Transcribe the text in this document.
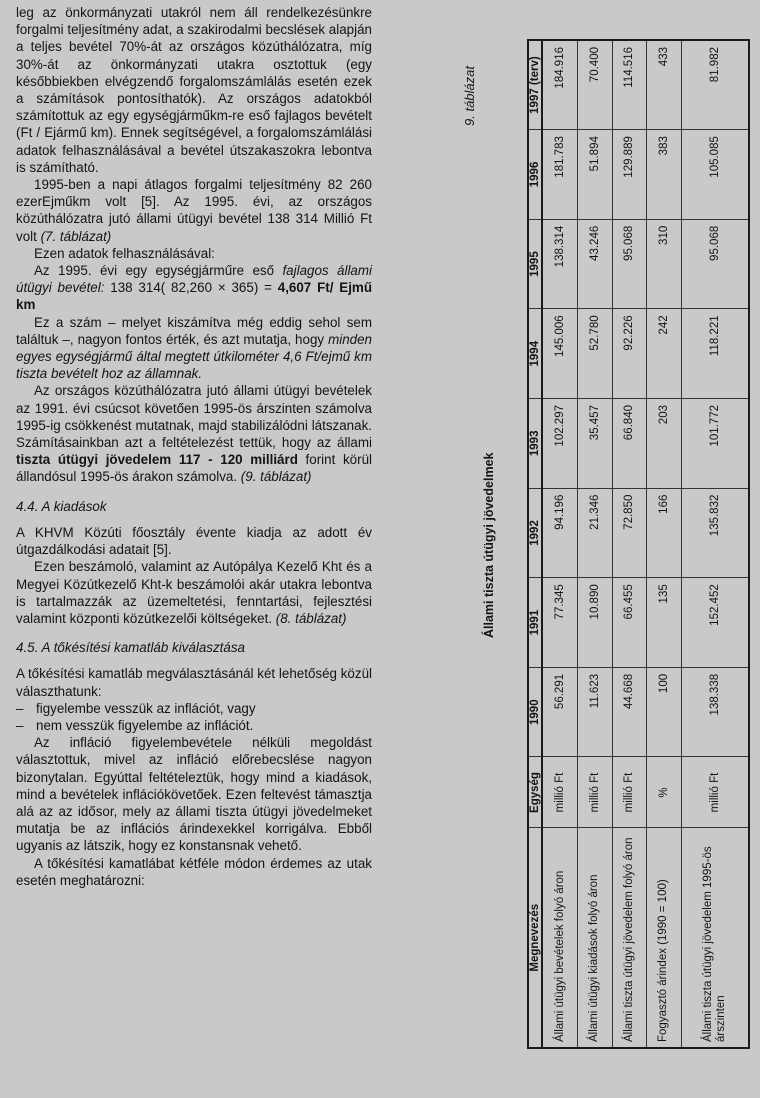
leg az önkormányzati utakról nem áll rendelkezésünkre forgalmi teljesítmény adat, a szakirodalmi becslések alapján a teljes bevétel 70%-át az országos közúthálózatra, míg 30%-át az önkormányzati utakra osztottuk (egy későbbiekben elvégzendő forgalomszámlálás esetén ezek a számítások pontosíthatók). Az országos adatokból számítottuk az egy egységjárműkm-re eső fajlagos bevételt (Ft / Ejármű km). Ennek segítségével, a forgalomszámlálási adatok felhasználásával a bevétel útszakaszokra lebontva is számítható.

1995-ben a napi átlagos forgalmi teljesítmény 82 260 ezerEjműkm volt [5]. Az 1995. évi, az országos közúthálózatra jutó állami útügyi bevétel 138 314 Millió Ft volt (7. táblázat)

Ezen adatok felhasználásával:

Az 1995. évi egy egységjárműre eső fajlagos állami útügyi bevétel: 138 314( 82,260 × 365) = 4,607 Ft/ Ejmű km

Ez a szám – melyet kiszámítva még eddig sehol sem találtuk –, nagyon fontos érték, és azt mutatja, hogy minden egyes egységjármű által megtett útkilométer 4,6 Ft/ejmű km tiszta bevételt hoz az államnak.

Az országos közúthálózatra jutó állami útügyi bevételek az 1991. évi csúcsot követően 1995-ös árszinten számolva 1995-ig csökkenést mutatnak, majd stabilizálódni látszanak. Számításainkban azt a feltételezést tettük, hogy az állami tiszta útügyi jövedelem 117 - 120 milliárd forint körül állandósul 1995-ös árakon számolva. (9. táblázat)

4.4. A kiadások

A KHVM Közúti főosztály évente kiadja az adott év útgazdálkodási adatait [5].

Ezen beszámoló, valamint az Autópálya Kezelő Kht és a Megyei Közútkezelő Kht-k beszámolói akár utakra lebontva is tartalmazzák az üzemeltetési, fenntartási, fejlesztési valamint központi közútkezelői költségeket. (8. táblázat)

4.5. A tőkésítési kamatláb kiválasztása

A tőkésítési kamatláb megválasztásánál két lehetőség közül választhatunk:

– figyelembe vesszük az inflációt, vagy
– nem vesszük figyelembe az inflációt.

Az infláció figyelembevétele nélküli megoldást választottuk, mivel az infláció előrebecslése nagyon bizonytalan. Egyúttal feltételeztük, hogy mind a kiadások, mind a bevételek inflációkövetőek. Ezen feltevést támasztja alá az az idősor, mely az állami tiszta útügyi jövedelmeket mutatja be az inflációs árindexekkel korrigálva. Ebből ugyanis az látszik, hogy ez konstansnak vehető.

A tőkésítési kamatlábat kétféle módon érdemes az utak esetén meghatározni:

9. táblázat
Állami tiszta útügyi jövedelmek
Megnevezés	Egység	1990	1991	1992	1993	1994	1995	1996	1997 (terv)
Állami útügyi bevételek folyó áron	millió Ft	56.291	77.345	94.196	102.297	145.006	138.314	181.783	184.916
Állami útügyi kiadások folyó áron	millió Ft	11.623	10.890	21.346	35.457	52.780	43.246	51.894	70.400
Állami tiszta útügyi jövedelem folyó áron	millió Ft	44.668	66.455	72.850	66.840	92.226	95.068	129.889	114.516
Fogyasztó árindex (1990 = 100)	%	100	135	166	203	242	310	383	433
Állami tiszta útügyi jövedelem 1995-ös árszinten	millió Ft	138.338	152.452	135.832	101.772	118.221	95.068	105.085	81.982
